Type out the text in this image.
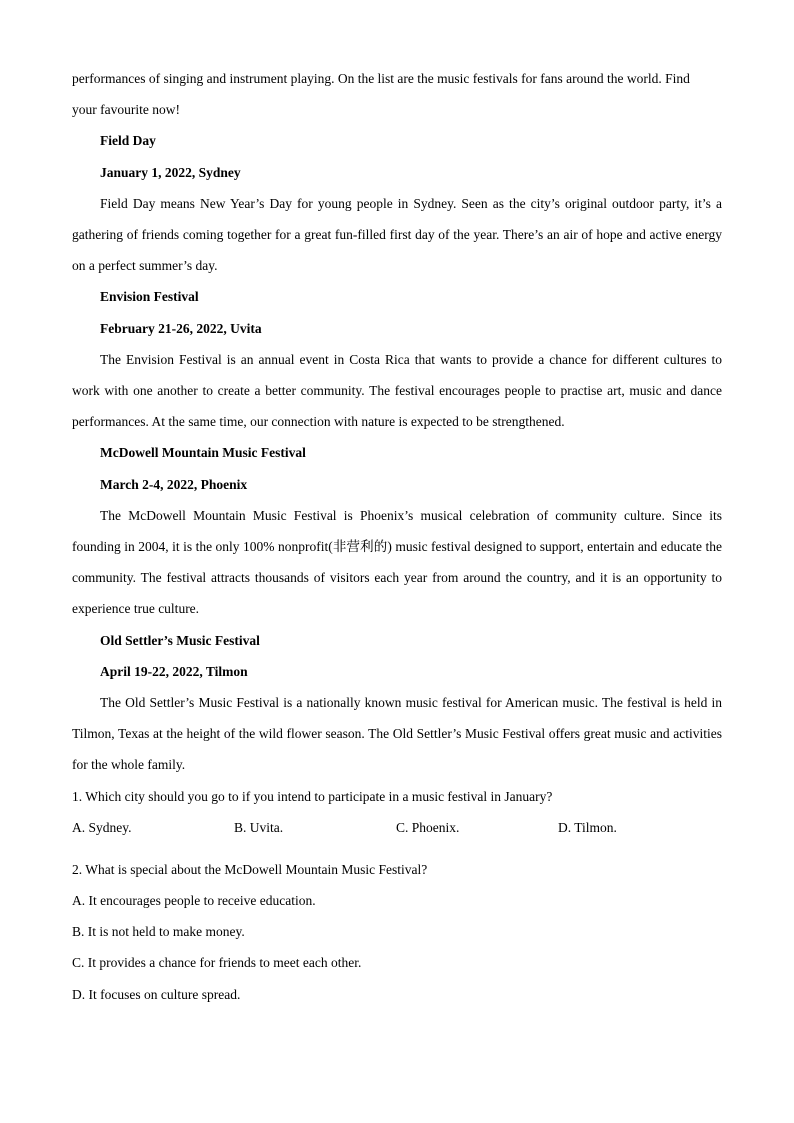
performances of singing and instrument playing. On the list are the music festivals for fans around the world. Find
your favourite now!
Field Day
January 1, 2022, Sydney
Field Day means New Year’s Day for young people in Sydney. Seen as the city’s original outdoor party, it’s a gathering of friends coming together for a great fun-filled first day of the year. There’s an air of hope and active energy on a perfect summer’s day.
Envision Festival
February 21-26, 2022, Uvita
The Envision Festival is an annual event in Costa Rica that wants to provide a chance for different cultures to work with one another to create a better community. The festival encourages people to practise art, music and dance performances. At the same time, our connection with nature is expected to be strengthened.
McDowell Mountain Music Festival
March 2-4, 2022, Phoenix
The McDowell Mountain Music Festival is Phoenix’s musical celebration of community culture. Since its founding in 2004, it is the only 100% nonprofit(非营利的) music festival designed to support, entertain and educate the community. The festival attracts thousands of visitors each year from around the country, and it is an opportunity to experience true culture.
Old Settler’s Music Festival
April 19-22, 2022, Tilmon
The Old Settler’s Music Festival is a nationally known music festival for American music. The festival is held in Tilmon, Texas at the height of the wild flower season. The Old Settler’s Music Festival offers great music and activities for the whole family.
1. Which city should you go to if you intend to participate in a music festival in January?
A. Sydney.	B. Uvita.	C. Phoenix.	D. Tilmon.
2. What is special about the McDowell Mountain Music Festival?
A. It encourages people to receive education.
B. It is not held to make money.
C. It provides a chance for friends to meet each other.
D. It focuses on culture spread.
